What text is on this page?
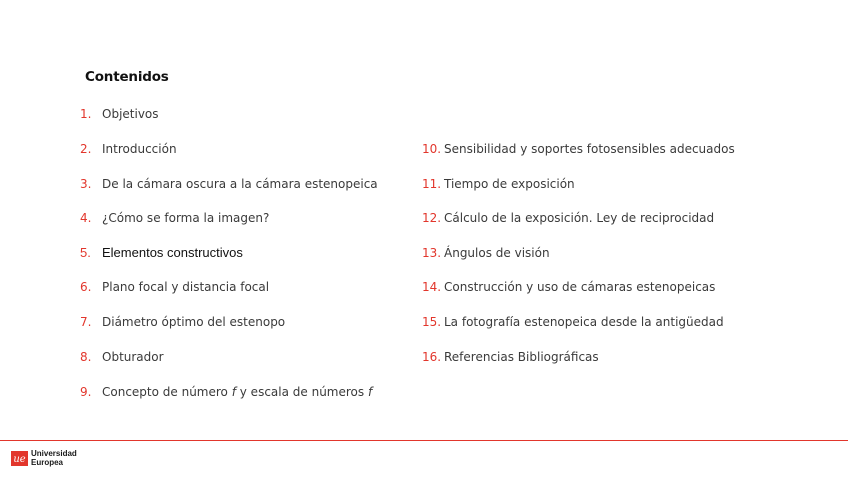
Contenidos
1. Objetivos
2. Introducción
3. De la cámara oscura a la cámara estenopeica
4. ¿Cómo se forma la imagen?
5. Elementos constructivos
6. Plano focal y distancia focal
7. Diámetro óptimo del estenopo
8. Obturador
9. Concepto de número f y escala de números f
10. Sensibilidad y soportes fotosensibles adecuados
11. Tiempo de exposición
12. Cálculo de la exposición. Ley de reciprocidad
13. Ángulos de visión
14. Construcción y uso de cámaras estenopeicas
15. La fotografía estenopeica desde la antigüedad
16. Referencias Bibliográficas
ue
Universidad
Europea
